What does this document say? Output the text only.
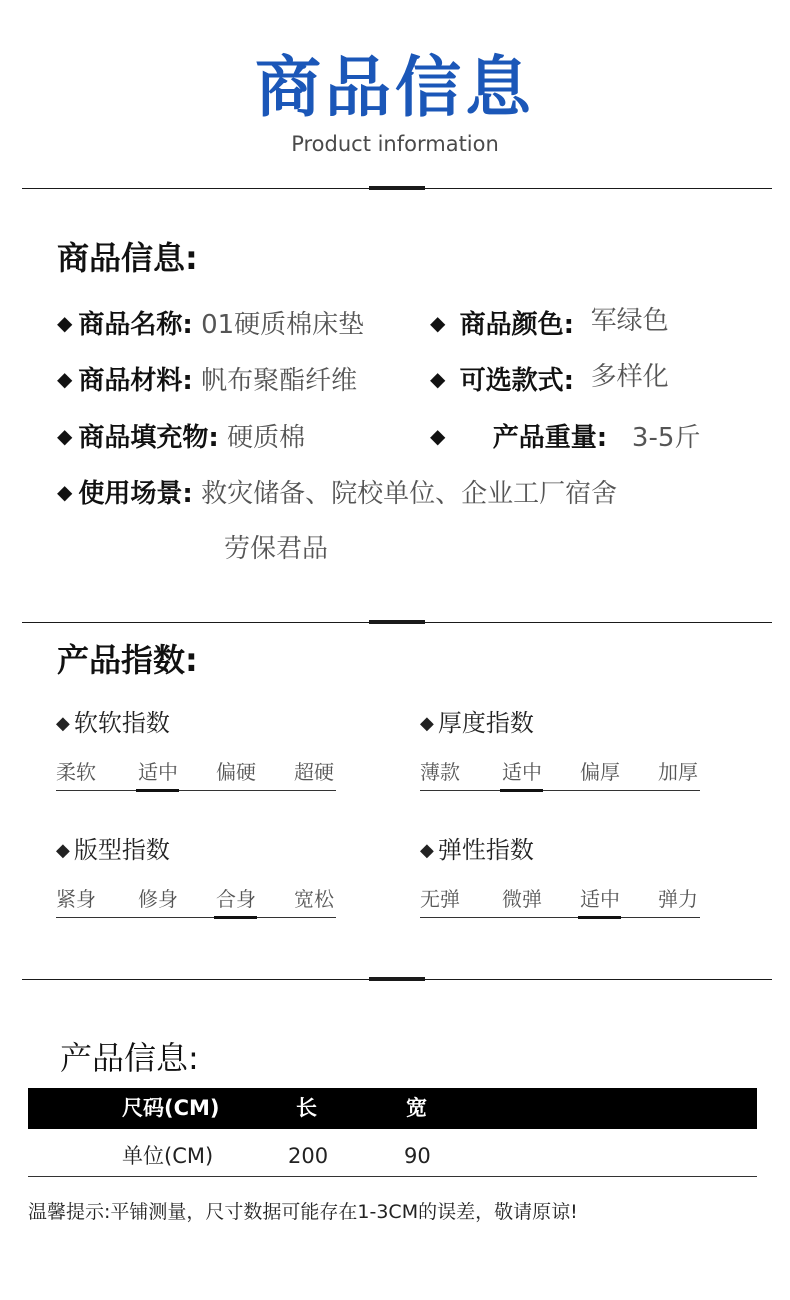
商品信息
Product information
商品信息:
◆ 商品名称: 01硬质棉床垫	◆ 商品颜色: 军绿色
◆ 商品材料: 帆布聚酯纤维	◆ 可选款式: 多样化
◆ 商品填充物: 硬质棉	◆ 产品重量: 3-5斤
◆ 使用场景: 救灾储备、院校单位、企业工厂宿舍
劳保君品
产品指数:
◆ 软软指数
柔软 适中 偏硬 超硬
◆ 厚度指数
薄款 适中 偏厚 加厚
◆ 版型指数
紧身 修身 合身 宽松
◆ 弹性指数
无弹 微弹 适中 弹力
产品信息:
尺码(CM)	长	宽
单位(CM)	200	90
温馨提示:平铺测量，尺寸数据可能存在1-3CM的误差，敬请原谅!
